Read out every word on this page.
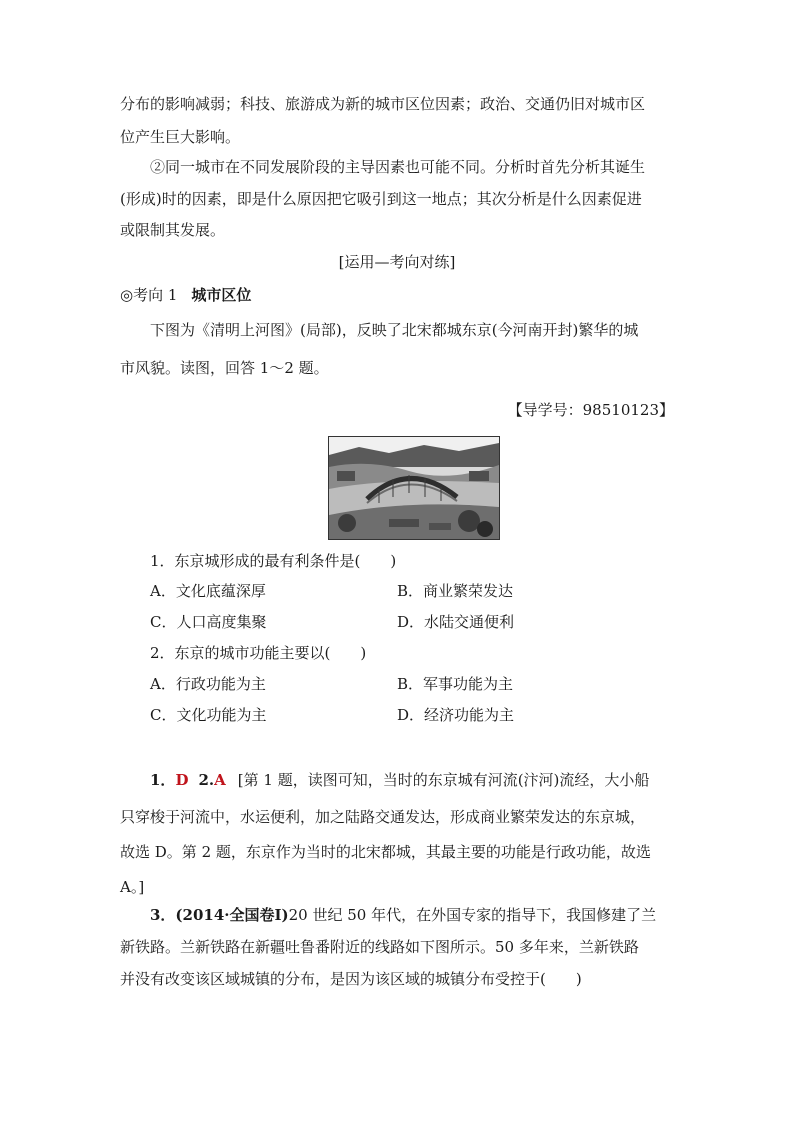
分布的影响减弱；科技、旅游成为新的城市区位因素；政治、交通仍旧对城市区
位产生巨大影响。
②同一城市在不同发展阶段的主导因素也可能不同。分析时首先分析其诞生
(形成)时的因素，即是什么原因把它吸引到这一地点；其次分析是什么因素促进
或限制其发展。
[运用—考向对练]
◎考向 1 城市区位
下图为《清明上河图》(局部)，反映了北宋都城东京(今河南开封)繁华的城
市风貌。读图，回答 1～2 题。
【导学号：98510123】
1．东京城形成的最有利条件是(　　)
A．文化底蕴深厚	B．商业繁荣发达
C．人口高度集聚	D．水陆交通便利
2．东京的城市功能主要以(　　)
A．行政功能为主	B．军事功能为主
C．文化功能为主	D．经济功能为主
1．D 2.A [第 1 题，读图可知，当时的东京城有河流(汴河)流经，大小船
只穿梭于河流中，水运便利，加之陆路交通发达，形成商业繁荣发达的东京城，
故选 D。第 2 题，东京作为当时的北宋都城，其最主要的功能是行政功能，故选
A。]
3．(2014·全国卷Ⅰ)20 世纪 50 年代，在外国专家的指导下，我国修建了兰
新铁路。兰新铁路在新疆吐鲁番附近的线路如下图所示。50 多年来，兰新铁路
并没有改变该区域城镇的分布，是因为该区域的城镇分布受控于(　　)
